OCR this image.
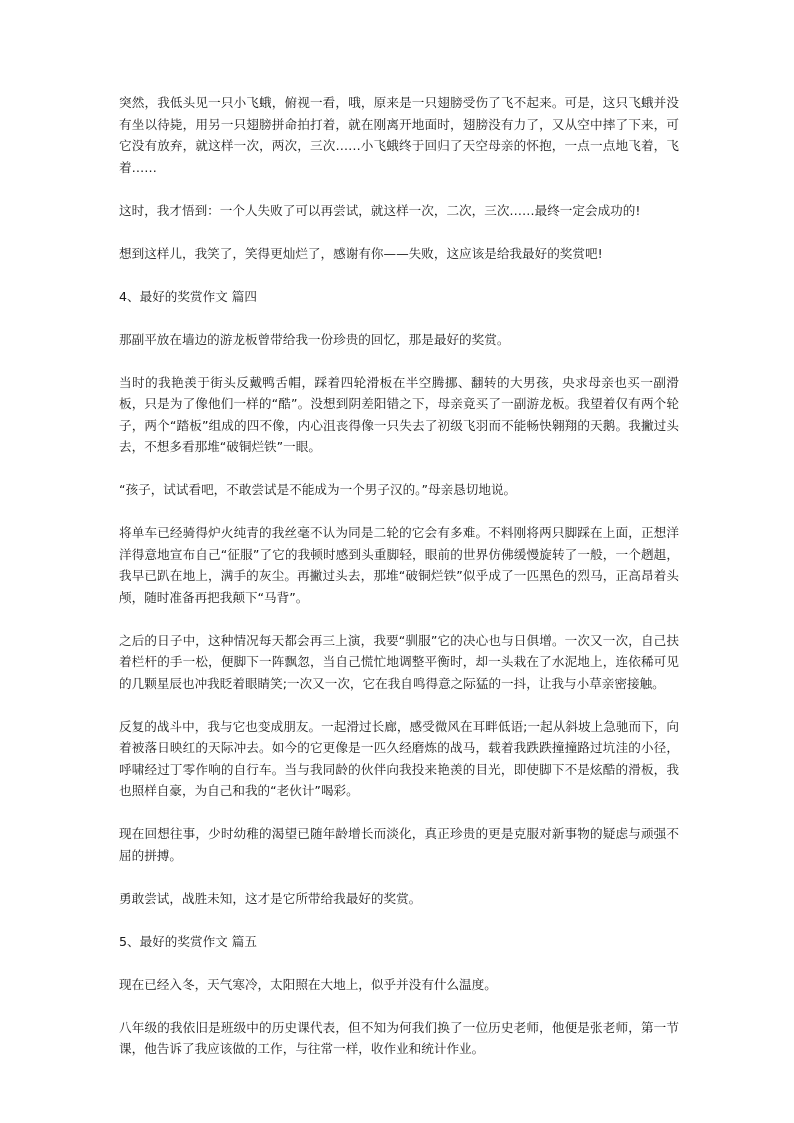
突然，我低头见一只小飞蛾，俯视一看，哦，原来是一只翅膀受伤了飞不起来。可是，这只飞蛾并没有坐以待毙，用另一只翅膀拼命拍打着，就在刚离开地面时，翅膀没有力了，又从空中摔了下来，可它没有放弃，就这样一次，两次，三次……小飞蛾终于回归了天空母亲的怀抱，一点一点地飞着，飞着……

这时，我才悟到：一个人失败了可以再尝试，就这样一次，二次，三次……最终一定会成功的!

想到这样儿，我笑了，笑得更灿烂了，感谢有你——失败，这应该是给我最好的奖赏吧!

4、最好的奖赏作文 篇四

那副平放在墙边的游龙板曾带给我一份珍贵的回忆，那是最好的奖赏。

当时的我艳羡于街头反戴鸭舌帽，踩着四轮滑板在半空腾挪、翻转的大男孩，央求母亲也买一副滑板，只是为了像他们一样的“酷”。没想到阴差阳错之下，母亲竟买了一副游龙板。我望着仅有两个轮子，两个“踏板”组成的四不像，内心沮丧得像一只失去了初级飞羽而不能畅快翱翔的天鹅。我撇过头去，不想多看那堆“破铜烂铁”一眼。

“孩子，试试看吧，不敢尝试是不能成为一个男子汉的。”母亲恳切地说。

将单车已经骑得炉火纯青的我丝毫不认为同是二轮的它会有多难。不料刚将两只脚踩在上面，正想洋洋得意地宣布自己“征服”了它的我顿时感到头重脚轻，眼前的世界仿佛缓慢旋转了一般，一个趔趄，我早已趴在地上，满手的灰尘。再撇过头去，那堆“破铜烂铁”似乎成了一匹黑色的烈马，正高昂着头颅，随时准备再把我颠下“马背”。

之后的日子中，这种情况每天都会再三上演，我要“驯服”它的决心也与日俱增。一次又一次，自己扶着栏杆的手一松，便脚下一阵飘忽，当自己慌忙地调整平衡时，却一头栽在了水泥地上，连依稀可见的几颗星辰也冲我眨着眼睛笑;一次又一次，它在我自鸣得意之际猛的一抖，让我与小草亲密接触。

反复的战斗中，我与它也变成朋友。一起滑过长廊，感受微风在耳畔低语;一起从斜坡上急驰而下，向着被落日映红的天际冲去。如今的它更像是一匹久经磨炼的战马，载着我跌跌撞撞路过坑洼的小径，呼啸经过丁零作响的自行车。当与我同龄的伙伴向我投来艳羡的目光，即使脚下不是炫酷的滑板，我也照样自豪，为自己和我的“老伙计”喝彩。

现在回想往事，少时幼稚的渴望已随年龄增长而淡化，真正珍贵的更是克服对新事物的疑虑与顽强不屈的拼搏。

勇敢尝试，战胜未知，这才是它所带给我最好的奖赏。

5、最好的奖赏作文 篇五

现在已经入冬，天气寒冷，太阳照在大地上，似乎并没有什么温度。

八年级的我依旧是班级中的历史课代表，但不知为何我们换了一位历史老师，他便是张老师，第一节课，他告诉了我应该做的工作，与往常一样，收作业和统计作业。
